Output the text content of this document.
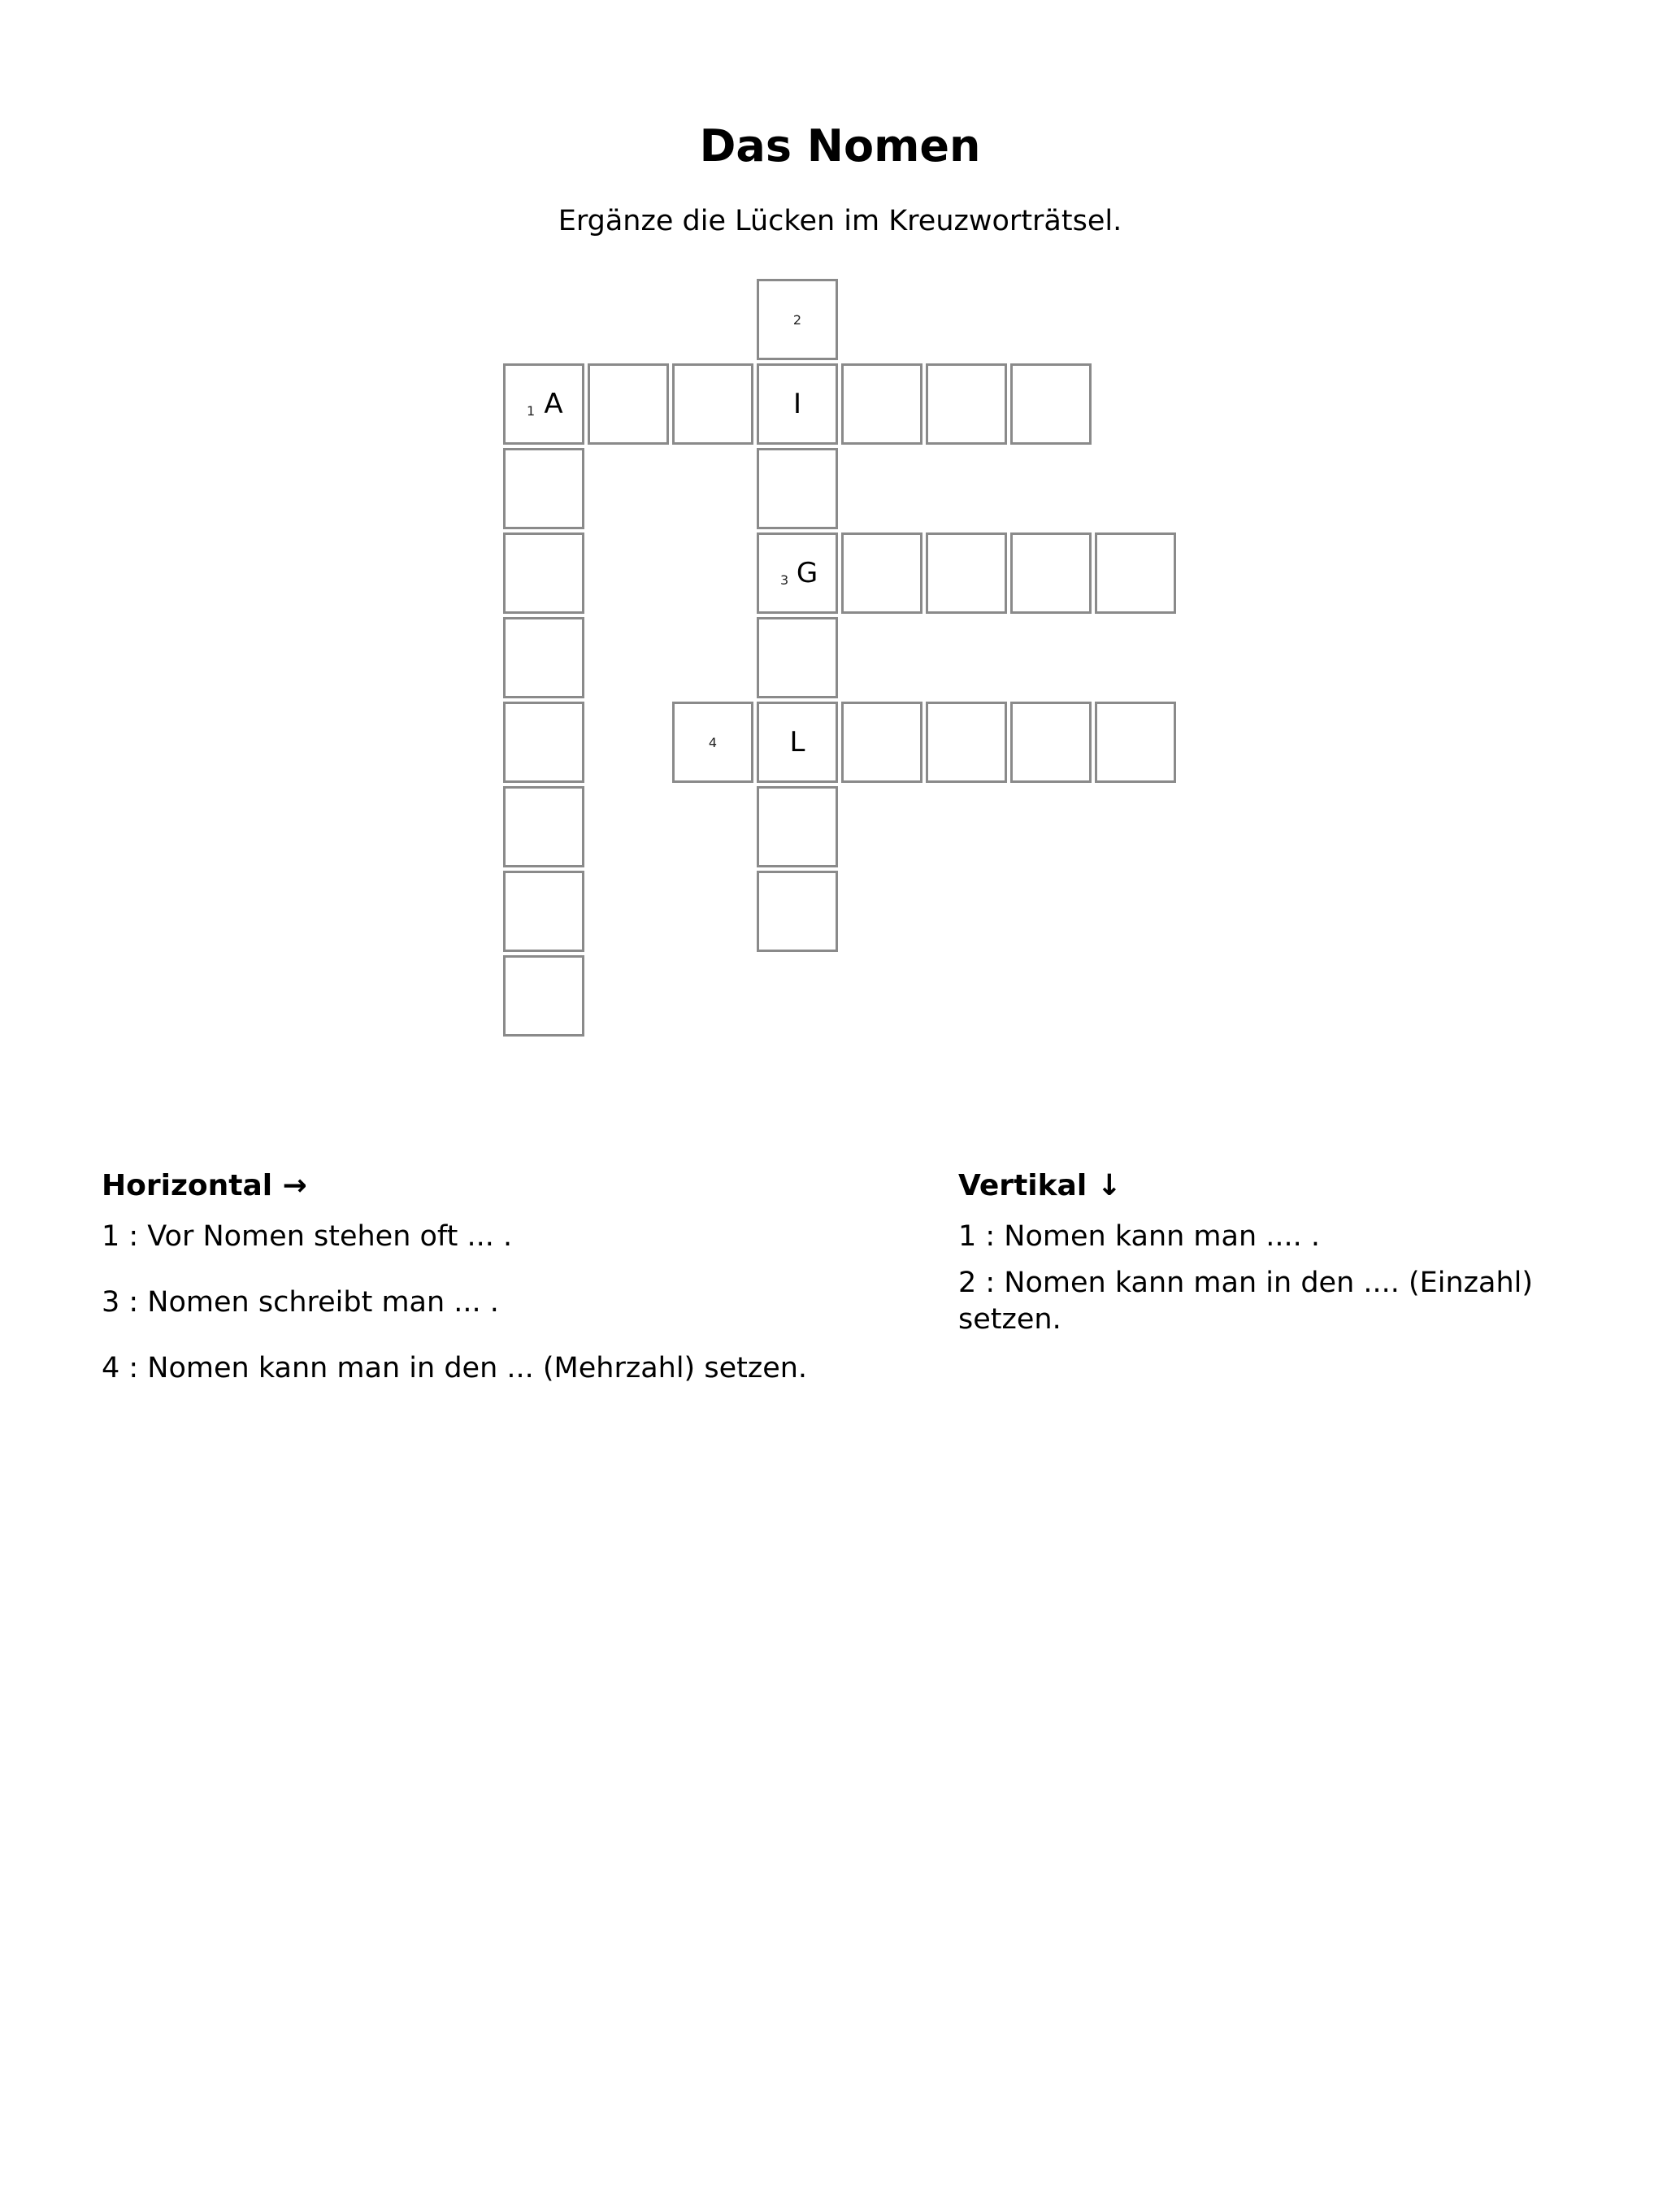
Das Nomen

Ergänze die Lücken im Kreuzworträtsel.

2
1 A	I
3 G
4	L
Horizontal →

1 : Vor Nomen stehen oft ... .

3 : Nomen schreibt man ... .

4 : Nomen kann man in den ... (Mehrzahl) setzen.

Vertikal ↓

1 : Nomen kann man .... .

2 : Nomen kann man in den .... (Einzahl) setzen.
